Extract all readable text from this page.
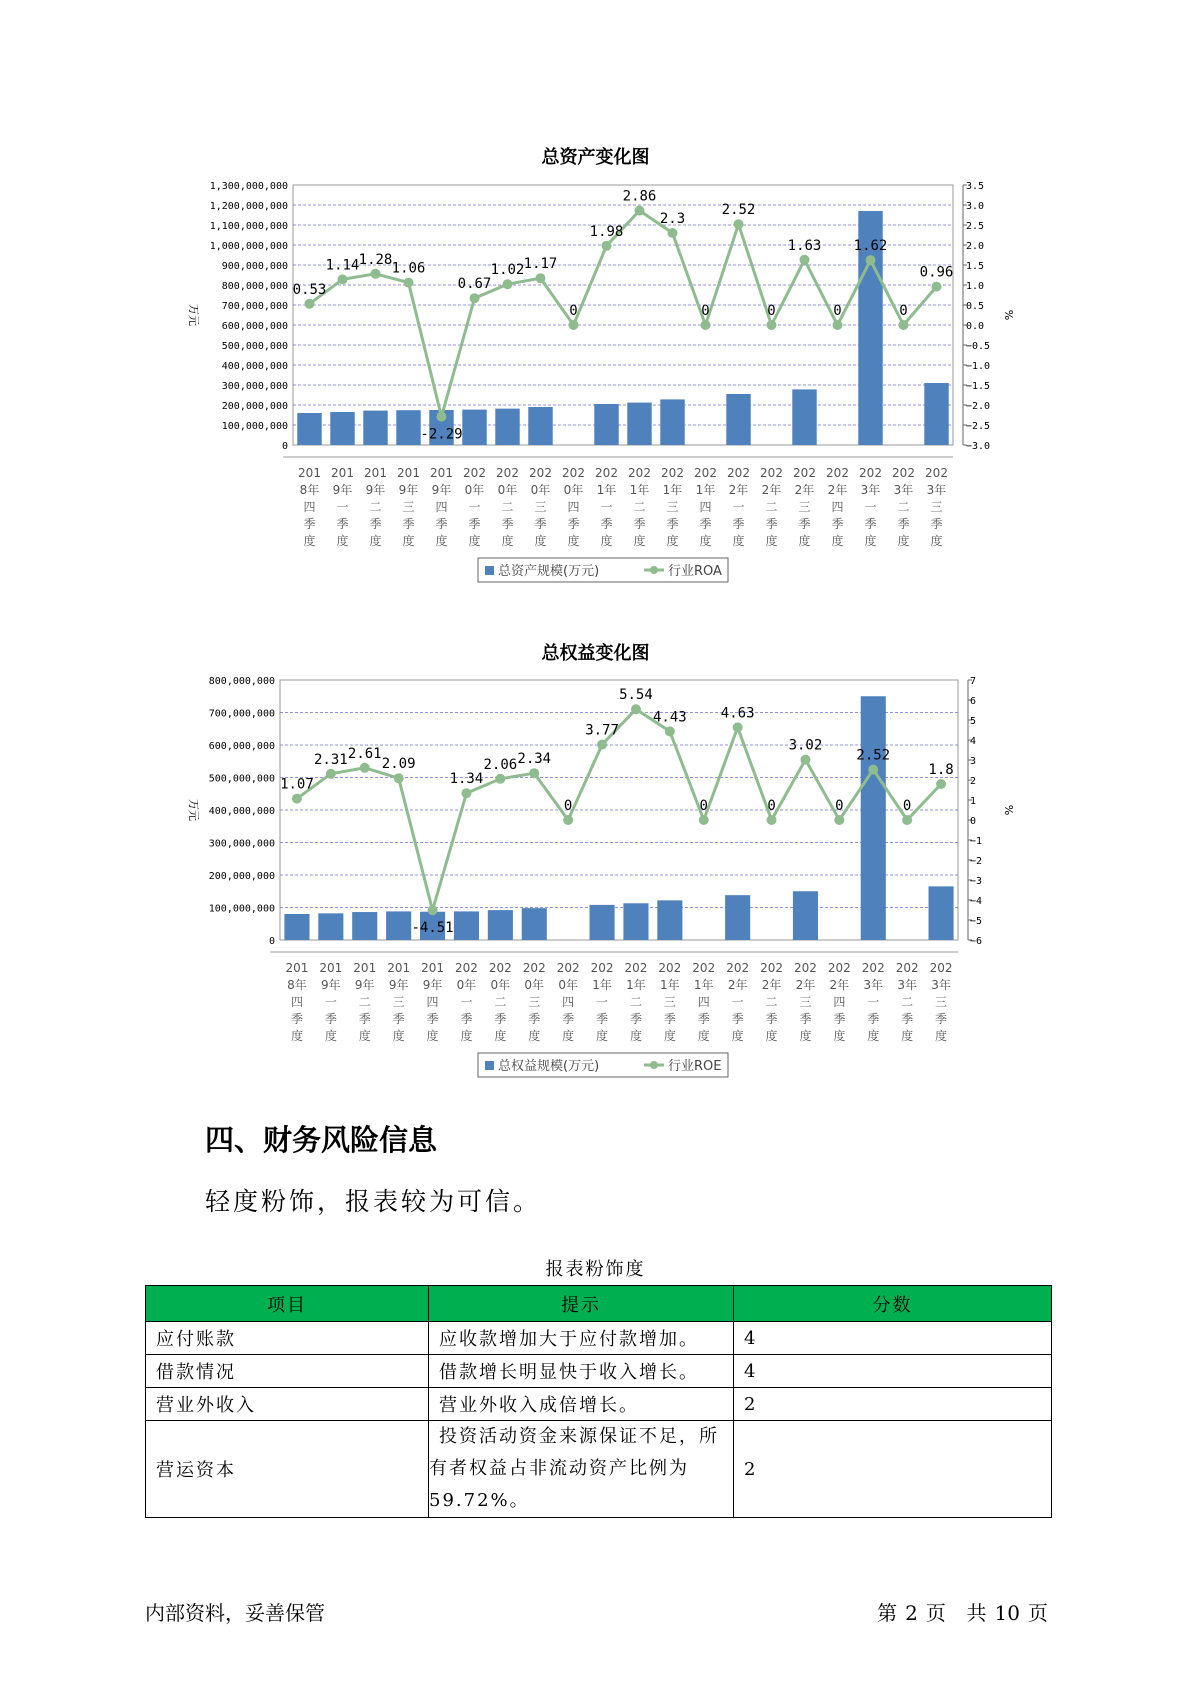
总资产变化图
0
100,000,000
200,000,000
300,000,000
400,000,000
500,000,000
600,000,000
700,000,000
800,000,000
900,000,000
1,000,000,000
1,100,000,000
1,200,000,000
1,300,000,000
−3.0
−2.5
−2.0
−1.5
−1.0
−0.5
0.0
0.5
1.0
1.5
2.0
2.5
3.0
3.5
万元	%
201
8年
四
季
度
201
9年
一
季
度
201
9年
二
季
度
201
9年
三
季
度
201
9年
四
季
度
202
0年
一
季
度
202
0年
二
季
度
202
0年
三
季
度
202
0年
四
季
度
202
1年
一
季
度
202
1年
二
季
度
202
1年
三
季
度
202
1年
四
季
度
202
2年
一
季
度
202
2年
二
季
度
202
2年
三
季
度
202
2年
四
季
度
202
3年
一
季
度
202
3年
二
季
度
202
3年
三
季
度
0.53
1.14 1.28
1.06
-2.29
0.67
1.02 1.17
0
1.98
2.86
2.3
0
2.52
0
1.63
0
1.62
0
0.96
总资产规模(万元)	行业ROA
总权益变化图
0
100,000,000
200,000,000
300,000,000
400,000,000
500,000,000
600,000,000
700,000,000
800,000,000
−6
−5
−4
−3
−2
−1
0
1
2
3
4
5
6
7
万元	%
201
8年
四
季
度
201
9年
一
季
度
201
9年
二
季
度
201
9年
三
季
度
201
9年
四
季
度
202
0年
一
季
度
202
0年
二
季
度
202
0年
三
季
度
202
0年
四
季
度
202
1年
一
季
度
202
1年
二
季
度
202
1年
三
季
度
202
1年
四
季
度
202
2年
一
季
度
202
2年
二
季
度
202
2年
三
季
度
202
2年
四
季
度
202
3年
一
季
度
202
3年
二
季
度
202
3年
三
季
度
1.07
2.31 2.61
2.09
-4.51
1.34
2.06 2.34
0
3.77
5.54
4.43
0
4.63
0
3.02
0
2.52
0
1.8
总权益规模(万元)	行业ROE
四、财务风险信息
轻度粉饰，报表较为可信。
报表粉饰度
项目	提示	分数
应付账款	应收款增加大于应付款增加。	4
借款情况	借款增长明显快于收入增长。	4
营业外收入	营业外收入成倍增长。	2
营运资本	投资活动资金来源保证不足，所
有者权益占非流动资产比例为
59.72%。	2
内部资料，妥善保管	第 2 页 共 10 页
